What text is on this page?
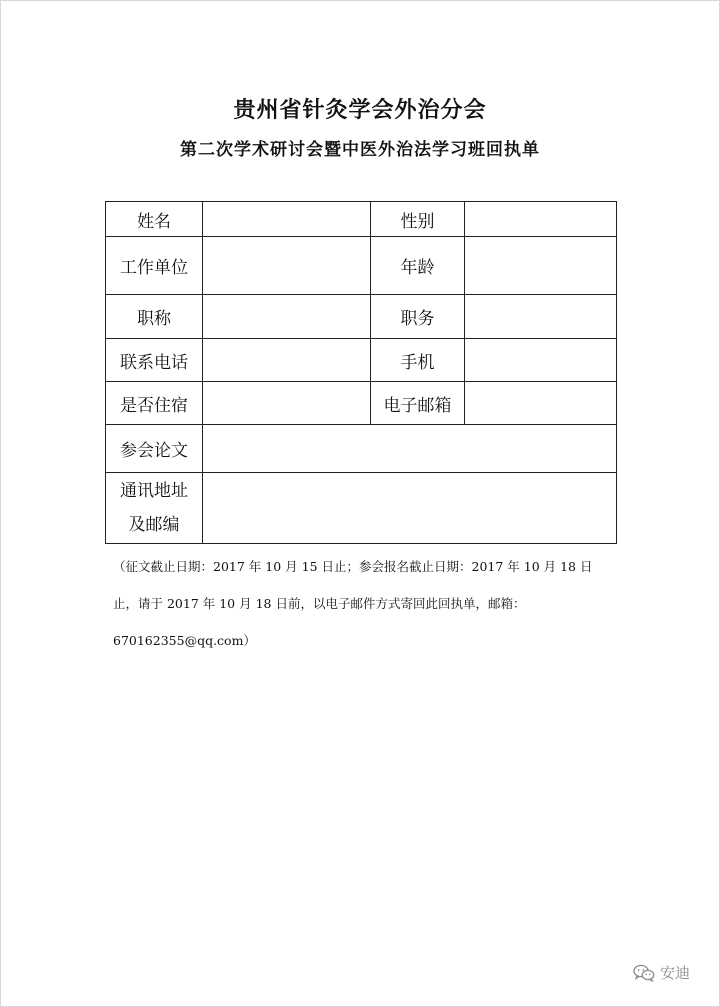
贵州省针灸学会外治分会
第二次学术研讨会暨中医外治法学习班回执单
姓名		性别	
工作单位		年龄	
职称		职务	
联系电话		手机	
是否住宿		电子邮箱	
参会论文			

通讯地址
及邮编			

（征文截止日期：2017 年 10 月 15 日止；参会报名截止日期：2017 年 10 月 18 日
止，请于 2017 年 10 月 18 日前，以电子邮件方式寄回此回执单，邮箱：
670162355@qq.com）
安迪
